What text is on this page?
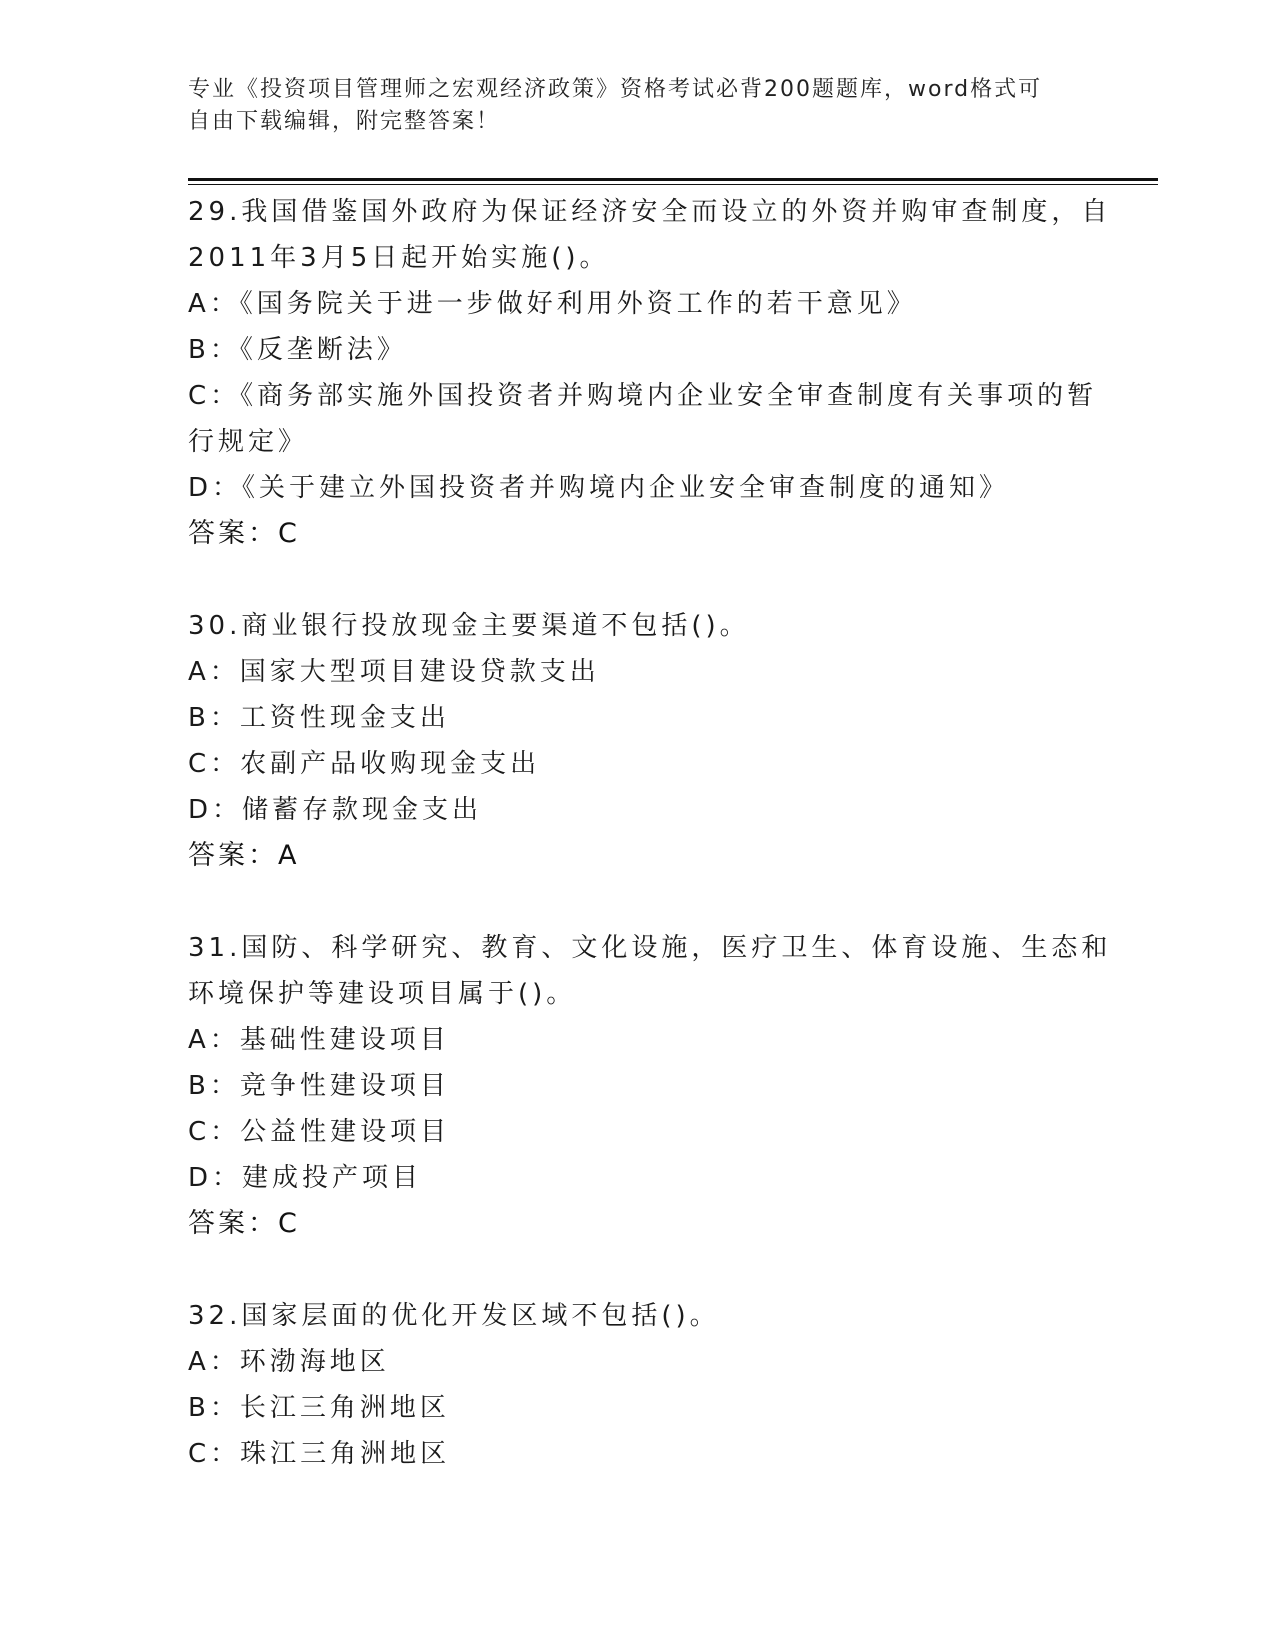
专业《投资项目管理师之宏观经济政策》资格考试必背200题题库，word格式可
自由下载编辑，附完整答案！
29.我国借鉴国外政府为保证经济安全而设立的外资并购审查制度，自
2011年3月5日起开始实施()。
A：《国务院关于进一步做好利用外资工作的若干意见》
B：《反垄断法》
C：《商务部实施外国投资者并购境内企业安全审查制度有关事项的暂
行规定》
D：《关于建立外国投资者并购境内企业安全审查制度的通知》
答案：C
30.商业银行投放现金主要渠道不包括()。
A：国家大型项目建设贷款支出
B：工资性现金支出
C：农副产品收购现金支出
D：储蓄存款现金支出
答案：A
31.国防、科学研究、教育、文化设施，医疗卫生、体育设施、生态和
环境保护等建设项目属于()。
A：基础性建设项目
B：竞争性建设项目
C：公益性建设项目
D：建成投产项目
答案：C
32.国家层面的优化开发区域不包括()。
A：环渤海地区
B：长江三角洲地区
C：珠江三角洲地区
